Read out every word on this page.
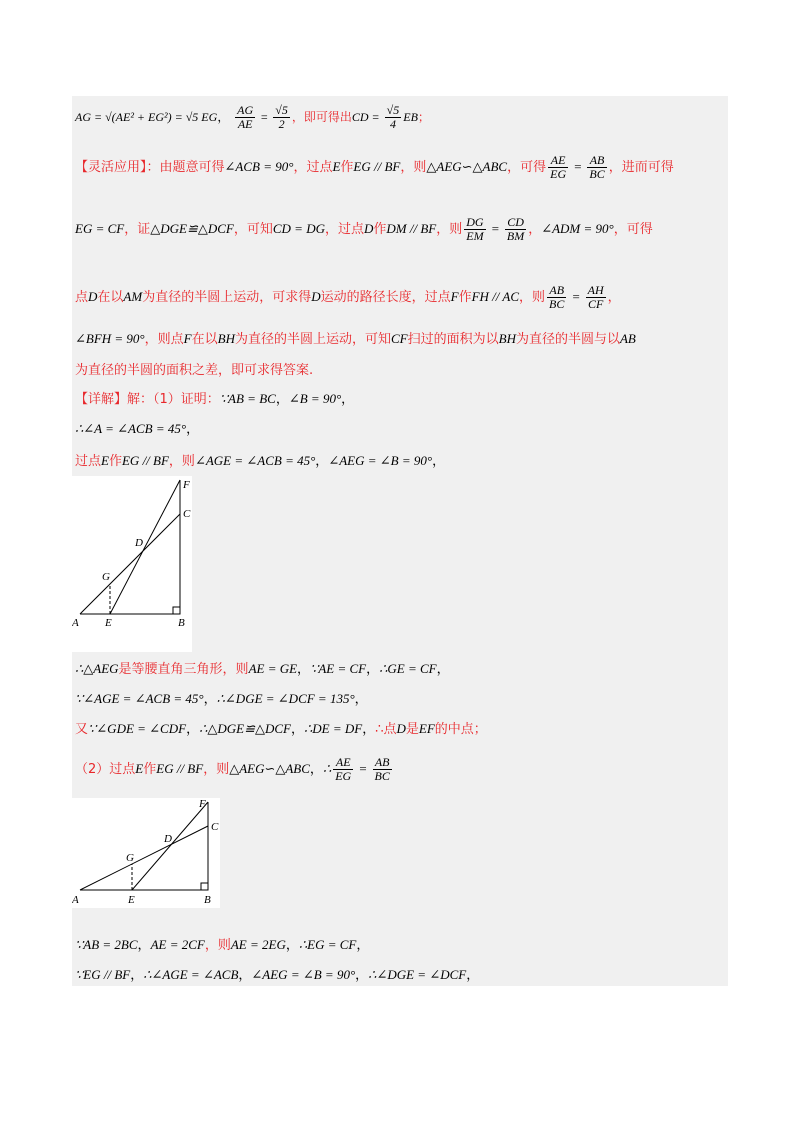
AG = √(AE² + EG²) = √5 EG， $\frac{AG}{AE} = \frac{√5}{2}$ ，即可得出CD = $\frac{√5}{4}$ EB；
【灵活应用】：由题意可得∠ACB = 90°，过点E作EG // BF，则△AEG∽△ABC，可得 $\frac{AE}{EG} = \frac{AB}{BC}$ ，进而可得
EG = CF，证△DGE≌△DCF，可知CD = DG，过点D作DM // BF，则 $\frac{DG}{EM} = \frac{CD}{BM}$ ，∠ADM = 90°，可得
点D在以AM为直径的半圆上运动，可求得D运动的路径长度，过点F作FH // AC，则 $\frac{AB}{BC} = \frac{AH}{CF}$ ，
∠BFH = 90°，则点F在以BH为直径的半圆上运动，可知CF扫过的面积为以BH为直径的半圆与以AB
为直径的半圆的面积之差，即可求得答案.
【详解】解：（1）证明：∵AB = BC，∠B = 90°，
∴∠A = ∠ACB = 45°，
过点E作EG // BF，则∠AGE = ∠ACB = 45°，∠AEG = ∠B = 90°，
A E	B
G
D
C
F
∴△AEG是等腰直角三角形，则AE = GE，∵AE = CF，∴GE = CF，
∵∠AGE = ∠ACB = 45°，∴∠DGE = ∠DCF = 135°，
又∵∠GDE = ∠CDF，∴△DGE≌△DCF，∴DE = DF，∴点D是EF的中点；
（2）过点E作EG // BF，则△AEG∽△ABC，∴ $\frac{AE}{EG} = \frac{AB}{BC}$
A	E	B
G
D
C
F
∵AB = 2BC，AE = 2CF，则AE = 2EG，∴EG = CF，
∵EG // BF，∴∠AGE = ∠ACB，∠AEG = ∠B = 90°，∴∠DGE = ∠DCF，
